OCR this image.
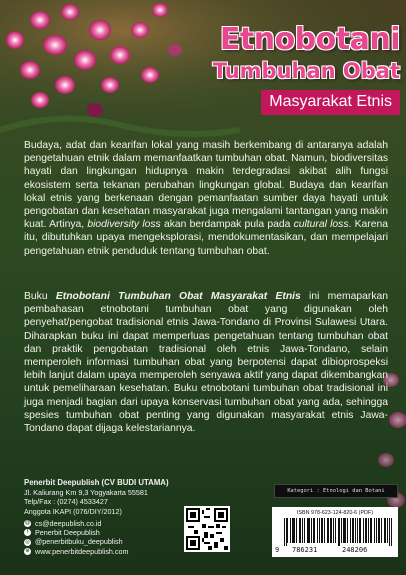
Etnobotani
Tumbuhan Obat
Masyarakat Etnis
Budaya, adat dan kearifan lokal yang masih berkembang di antaranya adalah pengetahuan etnik dalam memanfaatkan tumbuhan obat. Namun, biodiversitas hayati dan lingkungan hidupnya makin terdegradasi akibat alih fungsi ekosistem serta tekanan perubahan lingkungan global. Budaya dan kearifan lokal etnis yang berkenaan dengan pemanfaatan sumber daya hayati untuk pengobatan dan kesehatan masyarakat juga mengalami tantangan yang makin kuat. Artinya, biodiversity loss akan berdampak pula pada cultural loss. Karena itu, dibutuhkan upaya mengeksplorasi, mendokumentasikan, dan mempelajari pengetahuan etnik penduduk tentang tumbuhan obat.
Buku Etnobotani Tumbuhan Obat Masyarakat Etnis ini memaparkan pembahasan etnobotani tumbuhan obat yang digunakan oleh penyehat/pengobat tradisional etnis Jawa-Tondano di Provinsi Sulawesi Utara. Diharapkan buku ini dapat memperluas pengetahuan tentang tumbuhan obat dan praktik pengobatan tradisional oleh etnis Jawa-Tondano, selain memperoleh informasi tumbuhan obat yang berpotensi dapat dibioprospeksi lebih lanjut dalam upaya memperoleh senyawa aktif yang dapat dikembangkan untuk pemeliharaan kesehatan. Buku etnobotani tumbuhan obat tradisional ini juga menjadi bagian dari upaya konservasi tumbuhan obat yang ada, sehingga spesies tumbuhan obat penting yang digunakan masyarakat etnis Jawa-Tondano dapat dijaga kelestariannya.
Penerbit Deepublish (CV BUDI UTAMA)
Jl. Kaliurang Km 9,3 Yogyakarta 55581
Telp/Fax : (0274) 4533427
Anggota IKAPI (076/DIY/2012)
@ cs@deepublish.co.id
f Penerbit Deepublish
◎ @penerbitbuku_deepublish
⊕ www.penerbitdeepublish.com
Kategori : Etnologi dan Botani
ISBN 978-623-124-820-6 (PDF)
9 786231	248206
